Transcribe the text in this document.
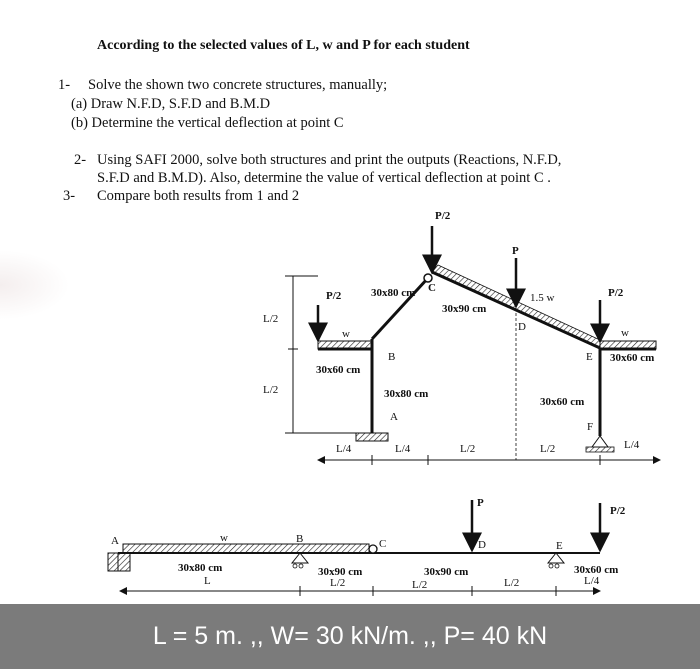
According to the selected values of L, w and P for each student
1- Solve the shown two concrete structures, manually;
(a) Draw N.F.D, S.F.D and B.M.D
(b) Determine the vertical deflection at point C
2- Using SAFI 2000, solve both structures and print the outputs (Reactions, N.F.D,
S.F.D and B.M.D). Also, determine the value of vertical deflection at point C .
3- Compare both results from 1 and 2
P/2
P
P/2	30x80 cm C
30x90 cm
1.5 w	P/2
w
D	w
B	E 30x60 cm
30x60 cm
30x80 cm
30x60 cm
A
F
L/2
L/2
L/4	L/4	L/2	L/2	L/4
A	w	B	C
P
D	E
P/2
30x80 cm
L
30x90 cm
L/2
30x90 cm
L/2	L/2
30x60 cm
L/4
L = 5 m. ,, W= 30 kN/m. ,, P= 40 kN
